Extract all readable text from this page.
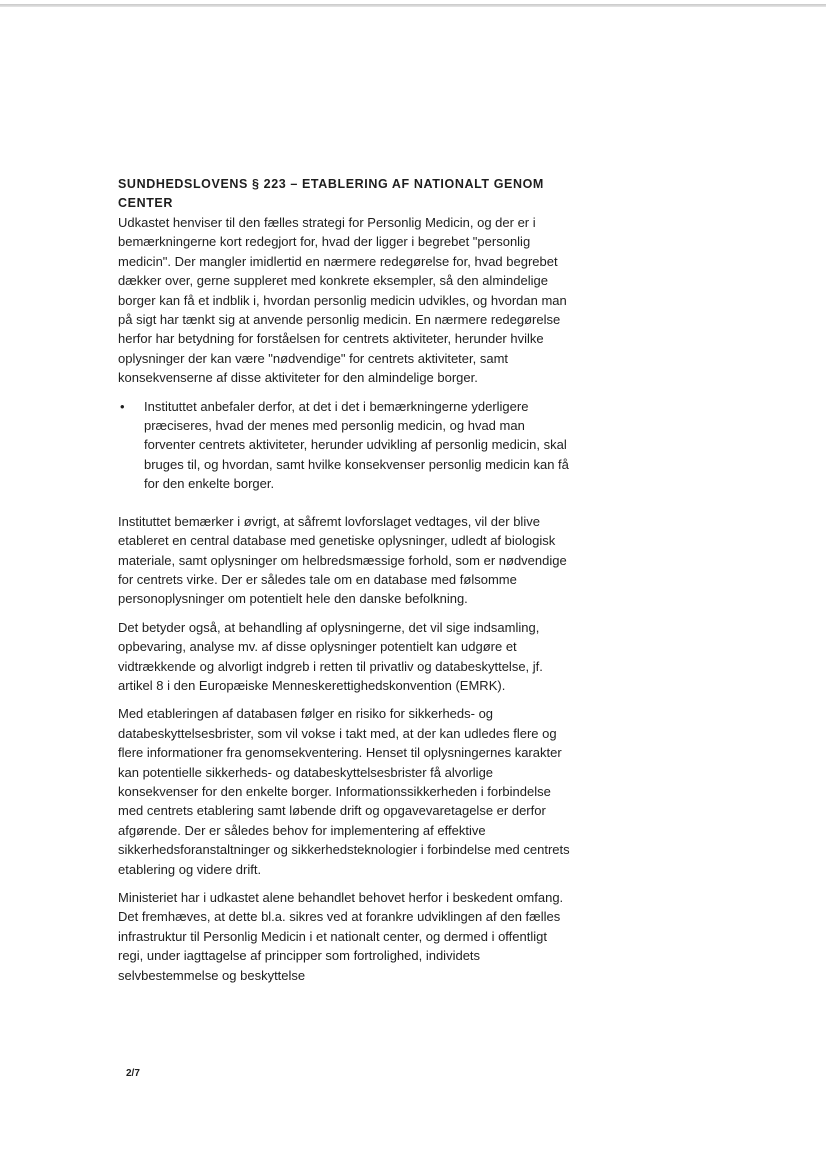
SUNDHEDSLOVENS § 223 – ETABLERING AF NATIONALT GENOM CENTER

Udkastet henviser til den fælles strategi for Personlig Medicin, og der er i bemærkningerne kort redegjort for, hvad der ligger i begrebet "personlig medicin". Der mangler imidlertid en nærmere redegørelse for, hvad begrebet dækker over, gerne suppleret med konkrete eksempler, så den almindelige borger kan få et indblik i, hvordan personlig medicin udvikles, og hvordan man på sigt har tænkt sig at anvende personlig medicin. En nærmere redegørelse herfor har betydning for forståelsen for centrets aktiviteter, herunder hvilke oplysninger der kan være "nødvendige" for centrets aktiviteter, samt konsekvenserne af disse aktiviteter for den almindelige borger.

• Instituttet anbefaler derfor, at det i det i bemærkningerne yderligere præciseres, hvad der menes med personlig medicin, og hvad man forventer centrets aktiviteter, herunder udvikling af personlig medicin, skal bruges til, og hvordan, samt hvilke konsekvenser personlig medicin kan få for den enkelte borger.

Instituttet bemærker i øvrigt, at såfremt lovforslaget vedtages, vil der blive etableret en central database med genetiske oplysninger, udledt af biologisk materiale, samt oplysninger om helbredsmæssige forhold, som er nødvendige for centrets virke. Der er således tale om en database med følsomme personoplysninger om potentielt hele den danske befolkning.

Det betyder også, at behandling af oplysningerne, det vil sige indsamling, opbevaring, analyse mv. af disse oplysninger potentielt kan udgøre et vidtrækkende og alvorligt indgreb i retten til privatliv og databeskyttelse, jf. artikel 8 i den Europæiske Menneskerettighedskonvention (EMRK).

Med etableringen af databasen følger en risiko for sikkerheds- og databeskyttelsesbrister, som vil vokse i takt med, at der kan udledes flere og flere informationer fra genomsekventering. Henset til oplysningernes karakter kan potentielle sikkerheds- og databeskyttelsesbrister få alvorlige konsekvenser for den enkelte borger. Informationssikkerheden i forbindelse med centrets etablering samt løbende drift og opgavevaretagelse er derfor afgørende. Der er således behov for implementering af effektive sikkerhedsforanstaltninger og sikkerhedsteknologier i forbindelse med centrets etablering og videre drift.

Ministeriet har i udkastet alene behandlet behovet herfor i beskedent omfang. Det fremhæves, at dette bl.a. sikres ved at forankre udviklingen af den fælles infrastruktur til Personlig Medicin i et nationalt center, og dermed i offentligt regi, under iagttagelse af principper som fortrolighed, individets selvbestemmelse og beskyttelse

2/7
